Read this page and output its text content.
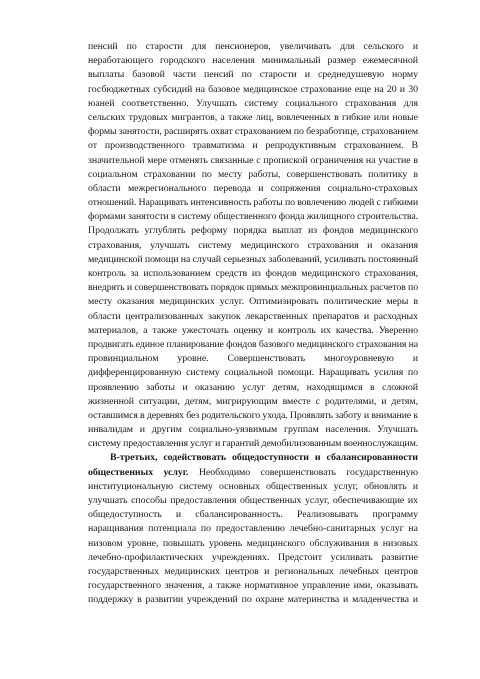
пенсий по старости для пенсионеров, увеличивать для сельского и
неработающего городского населения минимальный размер ежемесячной
выплаты базовой части пенсий по старости и среднедушевую норму
госбюджетных субсидий на базовое медицинское страхование еще на 20 и 30
юаней соответственно. Улучшать систему социального страхования для
сельских трудовых мигрантов, а также лиц, вовлеченных в гибкие или новые
формы занятости, расширять охват страхованием по безработице, страхованием
от производственного травматизма и репродуктивным страхованием. В
значительной мере отменять связанные с пропиской ограничения на участие в
социальном страховании по месту работы, совершенствовать политику в
области межрегионального перевода и сопряжения социально-страховых
отношений. Наращивать интенсивность работы по вовлечению людей с гибкими
формами занятости в систему общественного фонда жилищного строительства.
Продолжать углублять реформу порядка выплат из фондов медицинского
страхования, улучшать систему медицинского страхования и оказания
медицинской помощи на случай серьезных заболеваний, усиливать постоянный
контроль за использованием средств из фондов медицинского страхования,
внедрять и совершенствовать порядок прямых межпровинциальных расчетов по
месту оказания медицинских услуг. Оптимизировать политические меры в
области централизованных закупок лекарственных препаратов и расходных
материалов, а также ужесточать оценку и контроль их качества. Уверенно
продвигать единое планирование фондов базового медицинского страхования на
провинциальном уровне. Совершенствовать многоуровневую и
дифференцированную систему социальной помощи. Наращивать усилия по
проявлению заботы и оказанию услуг детям, находящимся в сложной
жизненной ситуации, детям, мигрирующим вместе с родителями, и детям,
оставшимся в деревнях без родительского ухода. Проявлять заботу и внимание к
инвалидам и другим социально-уязвимым группам населения. Улучшать
систему предоставления услуг и гарантий демобилизованным военнослужащим.
В-третьих, содействовать общедоступности и сбалансированности
общественных услуг. Необходимо совершенствовать государственную
институциональную систему основных общественных услуг, обновлять и
улучшать способы предоставления общественных услуг, обеспечивающие их
общедоступность и сбалансированность. Реализовывать программу
наращивания потенциала по предоставлению лечебно-санитарных услуг на
низовом уровне, повышать уровень медицинского обслуживания в низовых
лечебно-профилактических учреждениях. Предстоит усиливать развитие
государственных медицинских центров и региональных лечебных центров
государственного значения, а также нормативное управление ими, оказывать
поддержку в развитии учреждений по охране материнства и младенчества и
